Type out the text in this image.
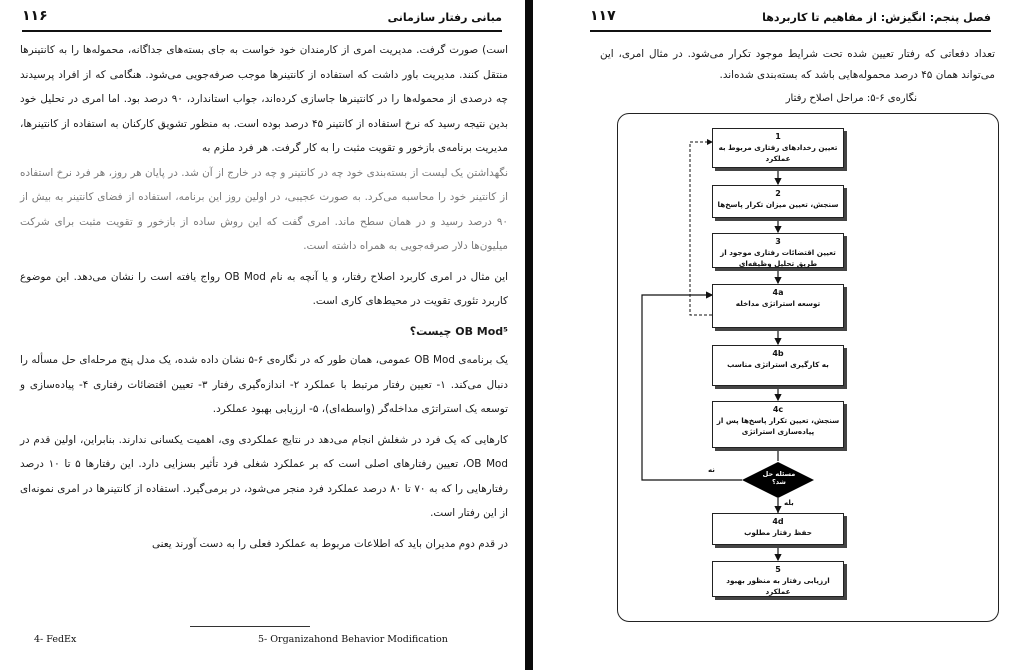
مبانی رفتار سازمانی
۱۱۶

است) صورت گرفت. مدیریت امری از کارمندان خود خواست به جای بسته‌های جداگانه، محموله‌ها را به کانتینرها منتقل کنند. مدیریت باور داشت که استفاده از کانتینرها موجب صرفه‌جویی می‌شود. هنگامی که از افراد پرسیدند چه درصدی از محموله‌ها را در کانتینرها جاسازی کرده‌اند، جواب استاندارد، ۹۰ درصد بود. اما امری در تحلیل خود بدین نتیجه رسید که نرخ استفاده از کانتینر ۴۵ درصد بوده است. به منظور تشویق کارکنان به استفاده از کانتینرها، مدیریت برنامه‌ی بازخور و تقویت مثبت را به کار گرفت. هر فرد ملزم به

نگهداشتن یک لیست از بسته‌بندی خود چه در کانتینر و چه در خارج از آن شد. در پایان هر روز، هر فرد نرخ استفاده از کانتینر خود را محاسبه می‌کرد. به صورت عجیبی، در اولین روز این برنامه، استفاده از فضای کانتینر به بیش از ۹۰ درصد رسید و در همان سطح ماند. امری گفت که این روش ساده از بازخور و تقویت مثبت برای شرکت میلیون‌ها دلار صرفه‌جویی به همراه داشته است.

این مثال در امری کاربرد اصلاح رفتار، و یا آنچه به نام OB Mod رواج یافته است را نشان می‌دهد. این موضوع کاربرد تئوری تقویت در محیط‌های کاری است.

OB Mod⁵ چیست؟

یک برنامه‌ی OB Mod عمومی، همان طور که در نگاره‌ی ۶-۵ نشان داده شده، یک مدل پنج مرحله‌ای حل مسأله را دنبال می‌کند. ۱- تعیین رفتار مرتبط با عملکرد ۲- اندازه‌گیری رفتار ۳- تعیین اقتضائات رفتاری ۴- پیاده‌سازی و توسعه یک استراتژی مداخله‌گر (واسطه‌ای)، ۵- ارزیابی بهبود عملکرد.

کارهایی که یک فرد در شغلش انجام می‌دهد در نتایج عملکردی وی، اهمیت یکسانی ندارند. بنابراین، اولین قدم در OB Mod، تعیین رفتارهای اصلی است که بر عملکرد شغلی فرد تأثیر بسزایی دارد. این رفتارها ۵ تا ۱۰ درصد رفتارهایی را که به ۷۰ تا ۸۰ درصد عملکرد فرد منجر می‌شود، در برمی‌گیرد. استفاده از کانتینرها در امری نمونه‌ای از این رفتار است.

در قدم دوم مدیران باید که اطلاعات مربوط به عملکرد فعلی را به دست آورند یعنی

4- FedEx	5- Organizahond Behavior Modification
فصل پنجم: انگیزش: از مفاهیم تا کاربردها
۱۱۷
تعداد دفعاتی که رفتار تعیین شده تحت شرایط موجود تکرار می‌شود. در مثال امری، این می‌تواند همان ۴۵ درصد محموله‌هایی باشد که بسته‌بندی شده‌اند.
نگاره‌ی ۶-۵: مراحل اصلاح رفتار
1
تعیین رخدادهای رفتاری مربوط به عملکرد
2
سنجش، تعیین میزان تکرار پاسخ‌ها
3
تعیین اقتضائات رفتاری موجود از طریق تحلیل وظیفه‌ای
4a
توسعه استراتژی مداخله
4b
به کارگیری استراتژی مناسب
4c
سنجش، تعیین تکرار پاسخ‌ها پس از پیاده‌سازی استراتژی
مسئله حل شد؟
نه
بله
4d
حفظ رفتار مطلوب
5
ارزیابی رفتار به منظور بهبود عملکرد
